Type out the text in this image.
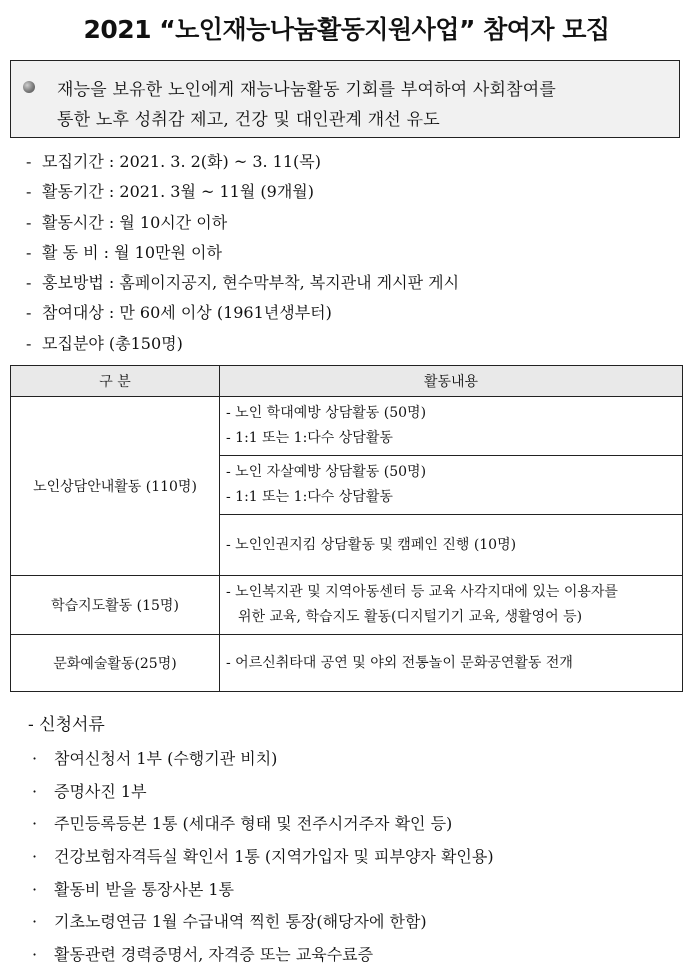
2021 “노인재능나눔활동지원사업” 참여자 모집
재능을 보유한 노인에게 재능나눔활동 기회를 부여하여 사회참여를
통한 노후 성취감 제고, 건강 및 대인관계 개선 유도
- 모집기간 : 2021. 3. 2(화) ~ 3. 11(목)
- 활동기간 : 2021. 3월 ~ 11월 (9개월)
- 활동시간 : 월 10시간 이하
- 활 동 비 : 월 10만원 이하
- 홍보방법 : 홈페이지공지, 현수막부착, 복지관내 게시판 게시
- 참여대상 : 만 60세 이상 (1961년생부터)
- 모집분야 (총150명)
구 분	활동내용
노인상담안내활동 (110명)	- 노인 학대예방 상담활동 (50명)
- 1:1 또는 1:다수 상담활동

	- 노인 자살예방 상담활동 (50명)
- 1:1 또는 1:다수 상담활동

	- 노인인권지킴 상담활동 및 캠페인 진행 (10명)

학습지도활동 (15명)	- 노인복지관 및 지역아동센터 등 교육 사각지대에 있는 이용자를
위한 교육, 학습지도 활동(디지털기기 교육, 생활영어 등)

문화예술활동(25명)	- 어르신취타대 공연 및 야외 전통놀이 문화공연활동 전개
- 신청서류
· 참여신청서 1부 (수행기관 비치)
· 증명사진 1부
· 주민등록등본 1통 (세대주 형태 및 전주시거주자 확인 등)
· 건강보험자격득실 확인서 1통 (지역가입자 및 피부양자 확인용)
· 활동비 받을 통장사본 1통
· 기초노령연금 1월 수급내역 찍힌 통장(해당자에 한함)
· 활동관련 경력증명서, 자격증 또는 교육수료증
